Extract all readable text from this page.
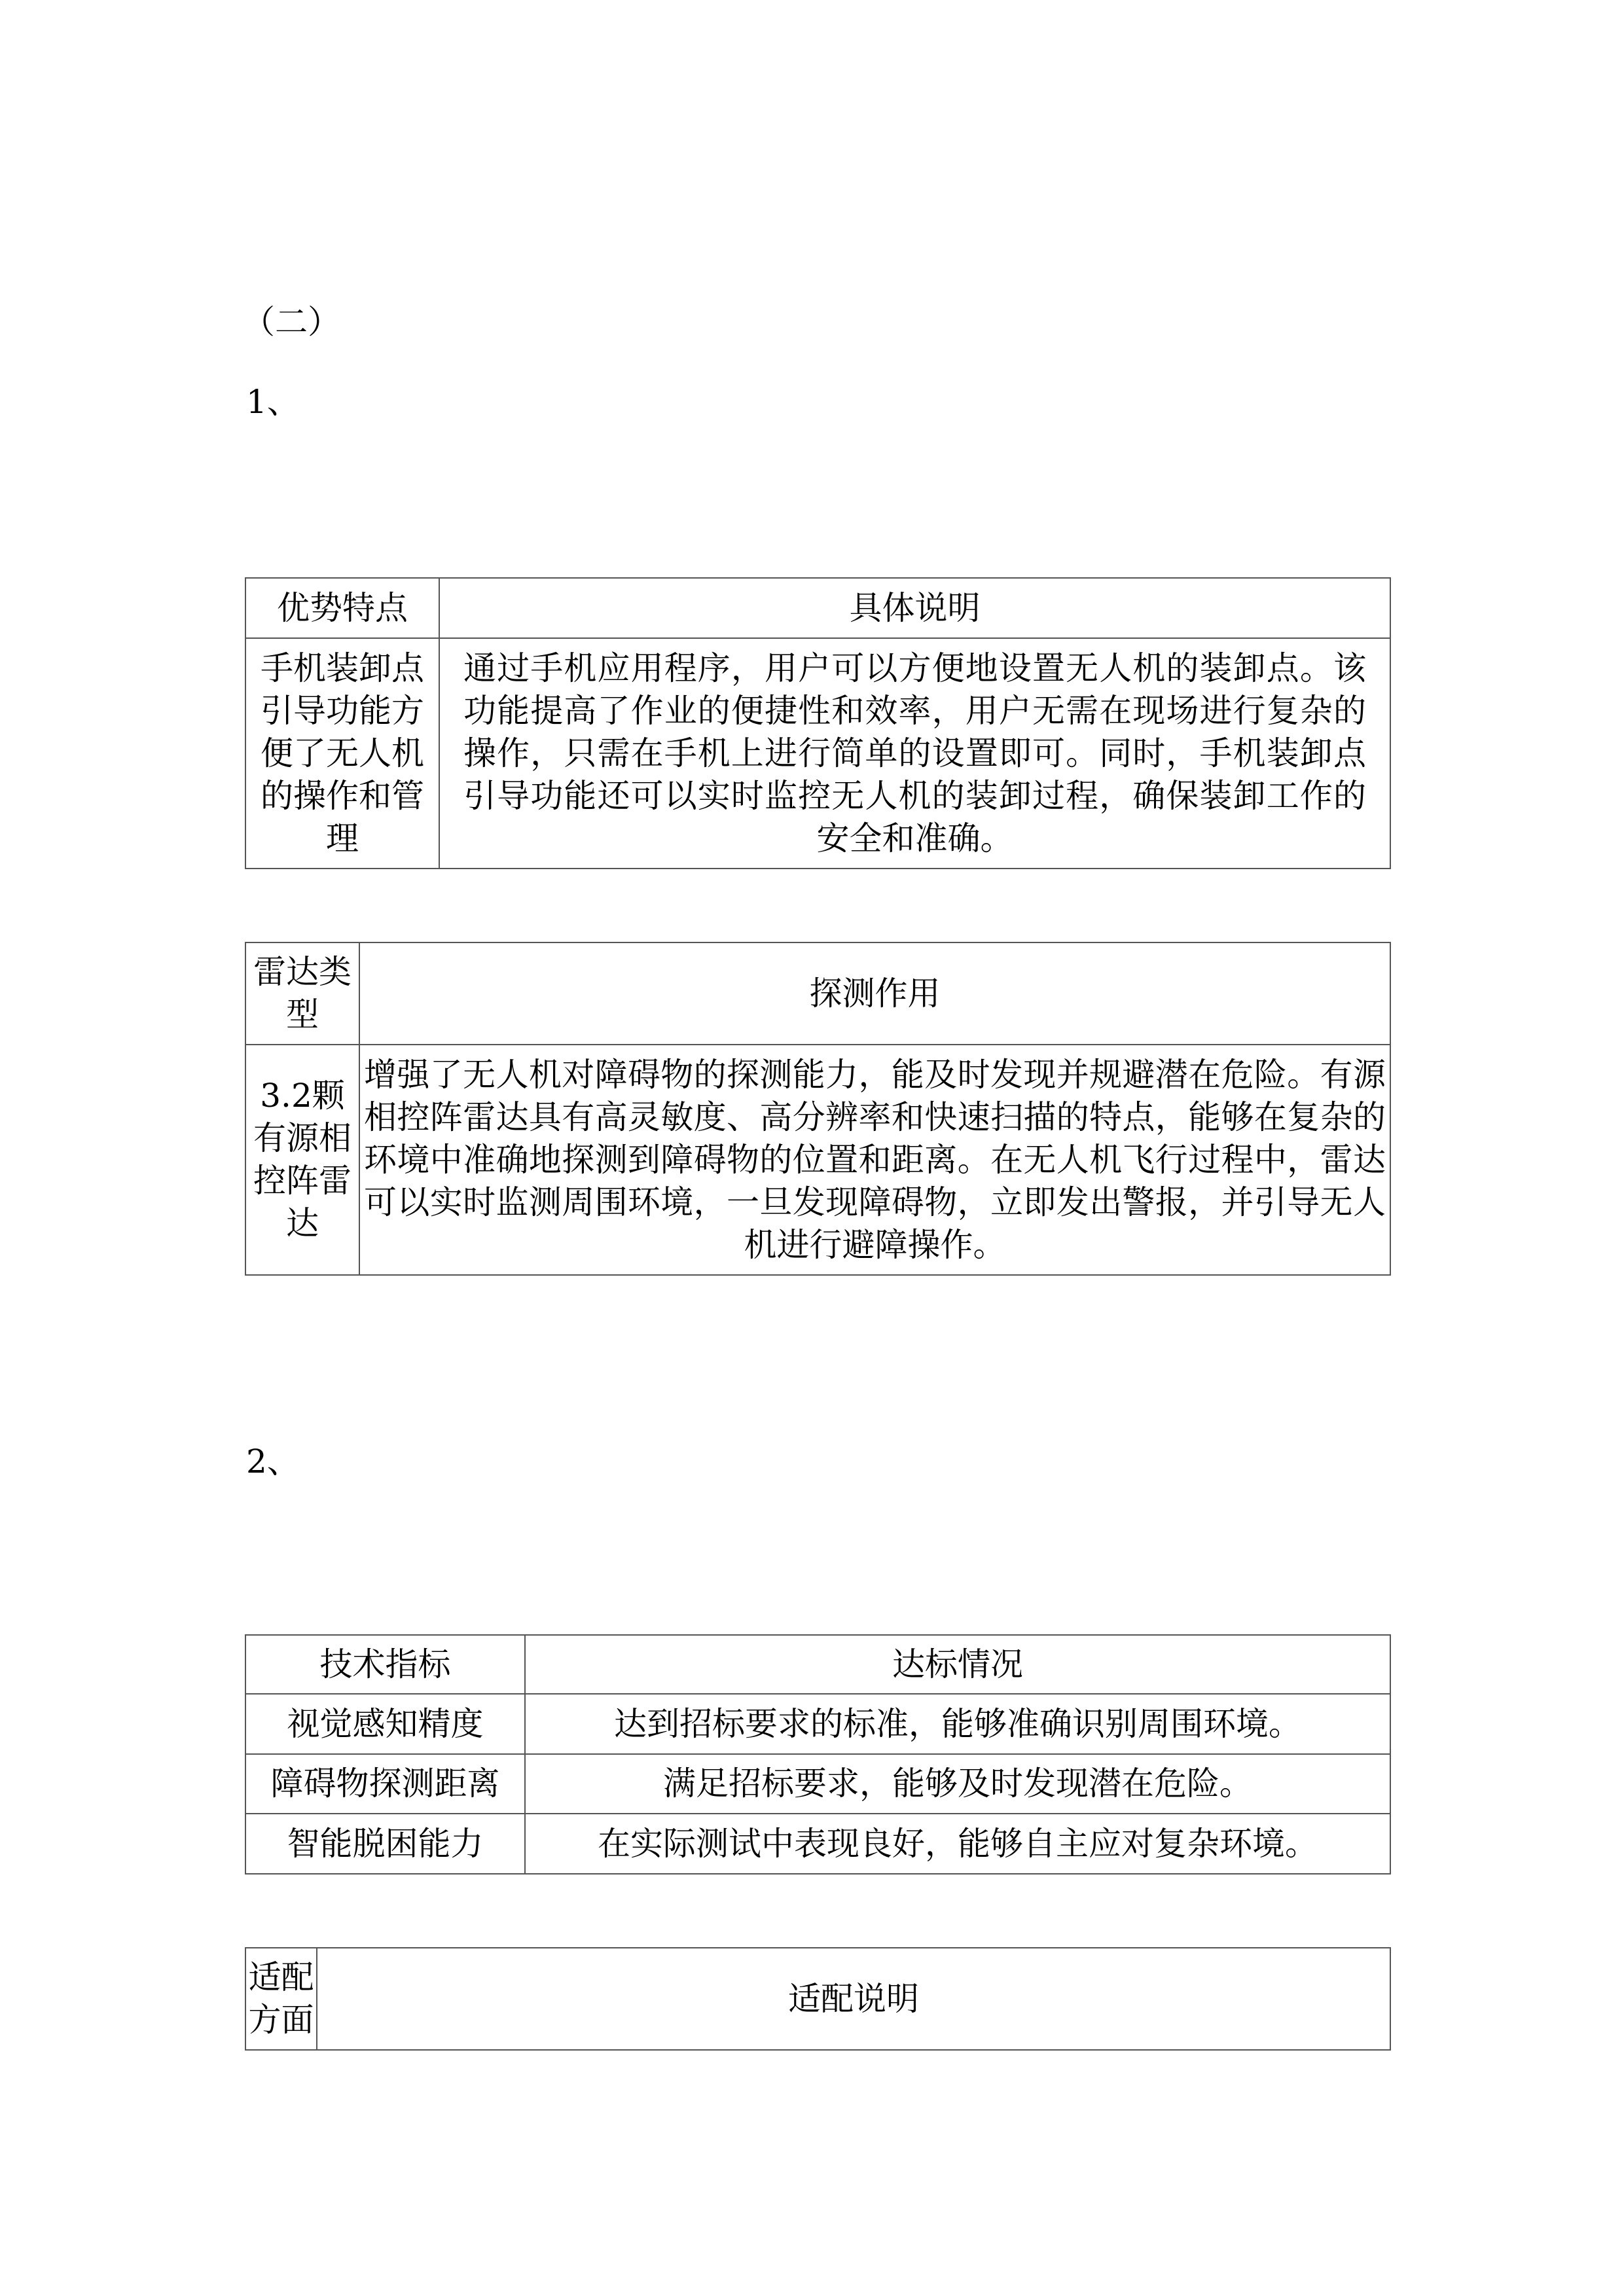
（二）
1、
优势特点	具体说明
手机装卸点
引导功能方
便了无人机
的操作和管
理	通过手机应用程序，用户可以方便地设置无人机的装卸点。该功能提高了作业的便捷性和效率，用户无需在现场进行复杂的操作，只需在手机上进行简单的设置即可。同时，手机装卸点引导功能还可以实时监控无人机的装卸过程，确保装卸工作的安全和准确。
雷达类
型	探测作用
3.2颗
有源相
控阵雷
达	增强了无人机对障碍物的探测能力，能及时发现并规避潜在危险。有源相控阵雷达具有高灵敏度、高分辨率和快速扫描的特点，能够在复杂的环境中准确地探测到障碍物的位置和距离。在无人机飞行过程中，雷达可以实时监测周围环境，一旦发现障碍物，立即发出警报，并引导无人机进行避障操作。
2、
技术指标	达标情况
视觉感知精度	达到招标要求的标准，能够准确识别周围环境。
障碍物探测距离	满足招标要求，能够及时发现潜在危险。
智能脱困能力	在实际测试中表现良好，能够自主应对复杂环境。
适配
方面	适配说明
